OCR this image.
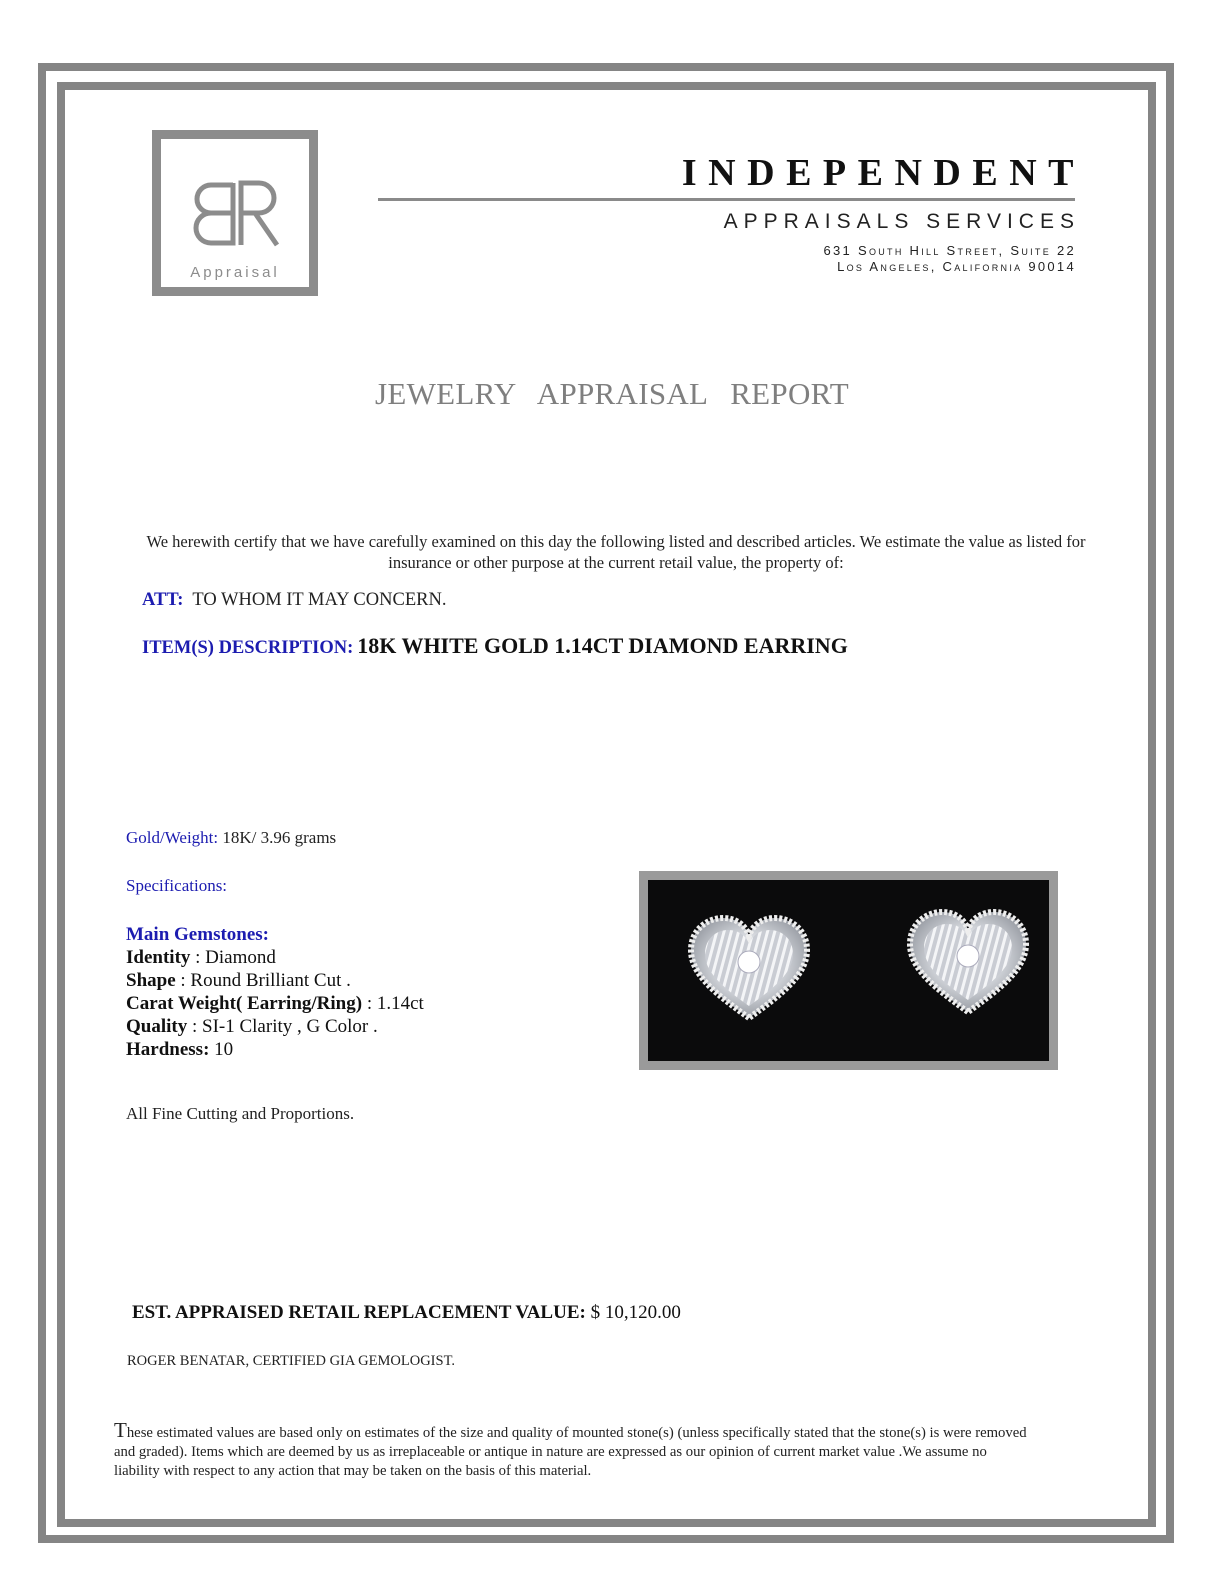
Appraisal
INDEPENDENT
APPRAISALS SERVICES
631 South Hill Street, Suite 22
Los Angeles, California 90014
JEWELRY APPRAISAL REPORT
We herewith certify that we have carefully examined on this day the following listed and described articles. We estimate the value as listed for insurance or other purpose at the current retail value, the property of:
ATT: TO WHOM IT MAY CONCERN.
ITEM(S) DESCRIPTION: 18K WHITE GOLD 1.14CT DIAMOND EARRING
Gold/Weight: 18K/ 3.96 grams
Specifications:
Main Gemstones:
Identity : Diamond
Shape : Round Brilliant Cut .
Carat Weight( Earring/Ring) : 1.14ct
Quality : SI-1 Clarity , G Color .
Hardness: 10
All Fine Cutting and Proportions.
EST. APPRAISED RETAIL REPLACEMENT VALUE: $ 10,120.00
ROGER BENATAR, CERTIFIED GIA GEMOLOGIST.
These estimated values are based only on estimates of the size and quality of mounted stone(s) (unless specifically stated that the stone(s) is were removed and graded). Items which are deemed by us as irreplaceable or antique in nature are expressed as our opinion of current market value .We assume no liability with respect to any action that may be taken on the basis of this material.
